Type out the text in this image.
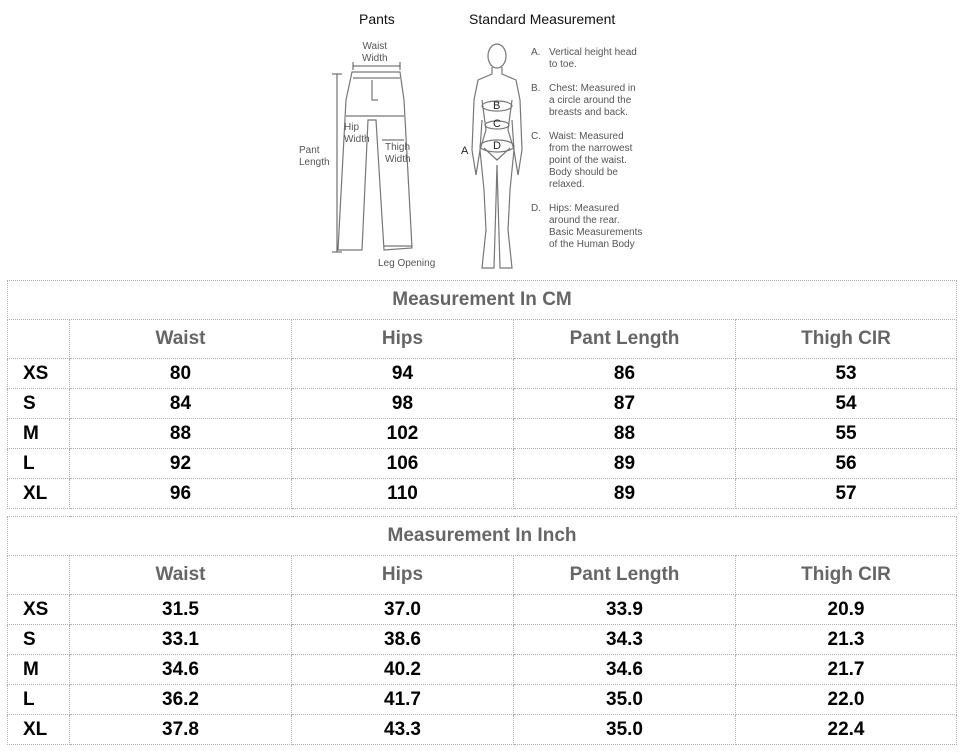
Pants	Standard Measurement
Waist
Width
Hip
Width
Thigh
Width
Pant
Length
Leg Opening
A
B
C
D
A. Vertical height head
to toe.
B. Chest: Measured in
a circle around the
breasts and back.
C. Waist: Measured
from the narrowest
point of the waist.
Body should be
relaxed.
D. Hips: Measured
around the rear.
Basic Measurements
of the Human Body
Measurement In CM				
	Waist	Hips	Pant Length	Thigh CIR
XS	80	94	86	53
S	84	98	87	54
M	88	102	88	55
L	92	106	89	56
XL	96	110	89	57
Measurement In Inch				
	Waist	Hips	Pant Length	Thigh CIR
XS	31.5	37.0	33.9	20.9
S	33.1	38.6	34.3	21.3
M	34.6	40.2	34.6	21.7
L	36.2	41.7	35.0	22.0
XL	37.8	43.3	35.0	22.4
